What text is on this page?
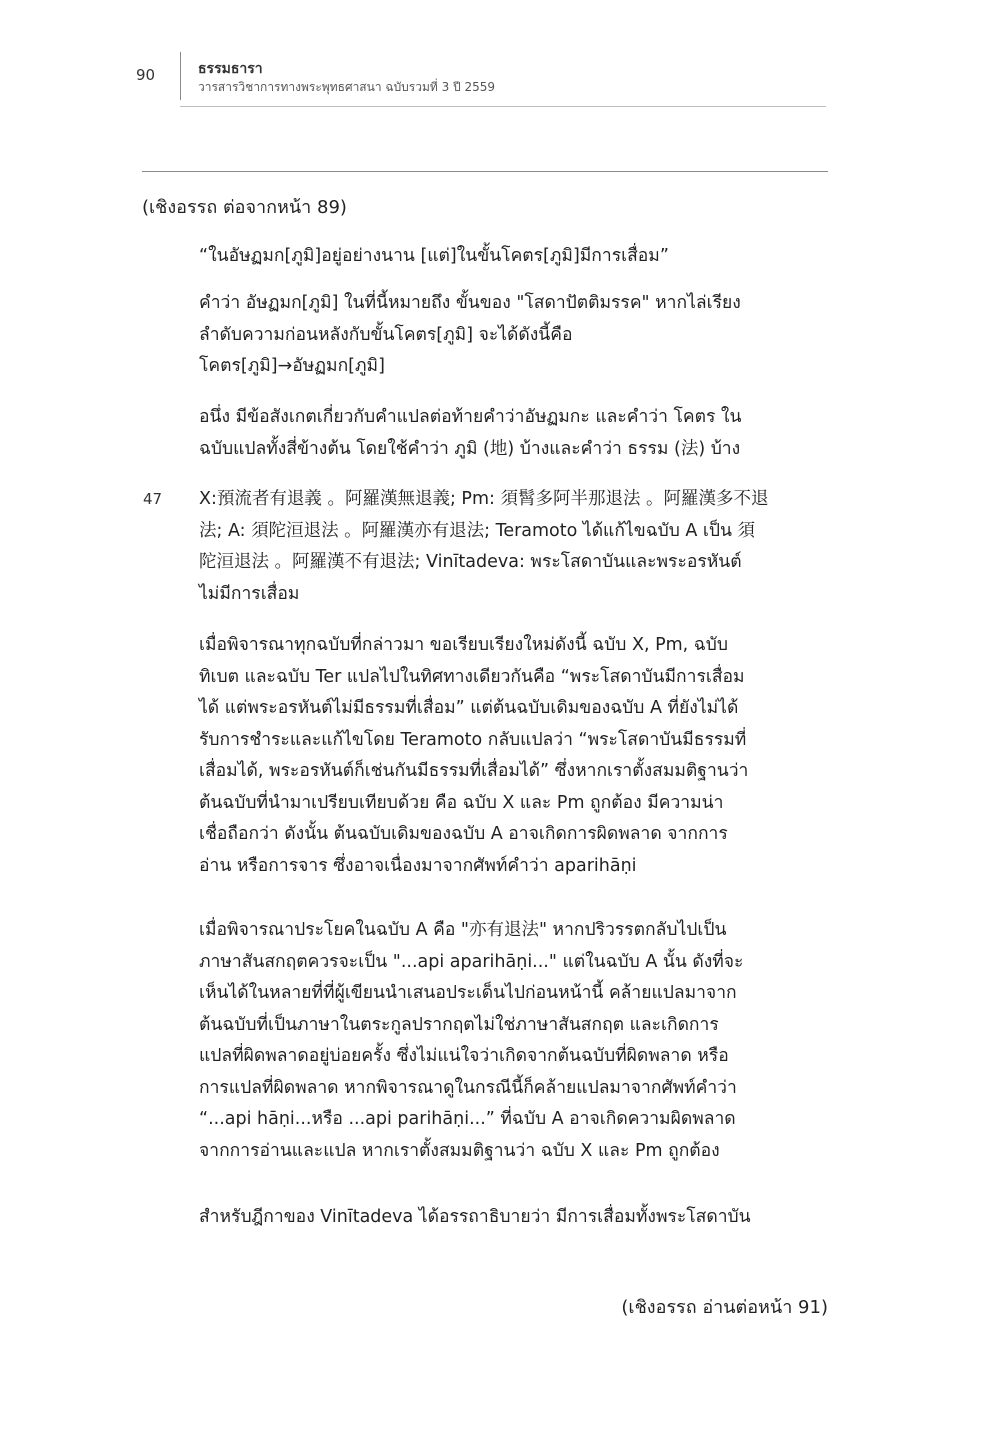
90	ธรรมธารา
วารสารวิชาการทางพระพุทธศาสนา ฉบับรวมที่ 3 ปี 2559
(เชิงอรรถ ต่อจากหน้า 89)
“ในอัษฏมก[ภูมิ]อยู่อย่างนาน [แต่]ในขั้นโคตร[ภูมิ]มีการเสื่อม”
คำว่า อัษฏมก[ภูมิ] ในที่นี้หมายถึง ขั้นของ "โสดาปัตติมรรค" หากไล่เรียง
ลำดับความก่อนหลังกับขั้นโคตร[ภูมิ] จะได้ดังนี้คือ
โคตร[ภูมิ]→อัษฏมก[ภูมิ]
อนึ่ง มีข้อสังเกตเกี่ยวกับคำแปลต่อท้ายคำว่าอัษฏมกะ และคำว่า โคตร ใน
ฉบับแปลทั้งสี่ข้างต้น โดยใช้คำว่า ภูมิ (地) บ้างและคำว่า ธรรม (法) บ้าง
47 X:預流者有退義 。阿羅漢無退義; Pm: 須髾多阿半那退法 。阿羅漢多不退
法; A: 須陀洹退法 。阿羅漢亦有退法; Teramoto ได้แก้ไขฉบับ A เป็น 須
陀洹退法 。阿羅漢不有退法; Vinītadeva: พระโสดาบันและพระอรหันต์
ไม่มีการเสื่อม
เมื่อพิจารณาทุกฉบับที่กล่าวมา ขอเรียบเรียงใหม่ดังนี้ ฉบับ X, Pm, ฉบับ
ทิเบต และฉบับ Ter แปลไปในทิศทางเดียวกันคือ “พระโสดาบันมีการเสื่อม
ได้ แต่พระอรหันต์ไม่มีธรรมที่เสื่อม” แต่ต้นฉบับเดิมของฉบับ A ที่ยังไม่ได้
รับการชำระและแก้ไขโดย Teramoto กลับแปลว่า “พระโสดาบันมีธรรมที่
เสื่อมได้, พระอรหันต์ก็เช่นกันมีธรรมที่เสื่อมได้” ซึ่งหากเราตั้งสมมติฐานว่า
ต้นฉบับที่นำมาเปรียบเทียบด้วย คือ ฉบับ X และ Pm ถูกต้อง มีความน่า
เชื่อถือกว่า ดังนั้น ต้นฉบับเดิมของฉบับ A อาจเกิดการผิดพลาด จากการ
อ่าน หรือการจาร ซึ่งอาจเนื่องมาจากศัพท์คำว่า aparihāṇi
เมื่อพิจารณาประโยคในฉบับ A คือ "亦有退法" หากปริวรรตกลับไปเป็น
ภาษาสันสกฤตควรจะเป็น "...api aparihāṇi..." แต่ในฉบับ A นั้น ดังที่จะ
เห็นได้ในหลายที่ที่ผู้เขียนนำเสนอประเด็นไปก่อนหน้านี้ คล้ายแปลมาจาก
ต้นฉบับที่เป็นภาษาในตระกูลปรากฤตไม่ใช่ภาษาสันสกฤต และเกิดการ
แปลที่ผิดพลาดอยู่บ่อยครั้ง ซึ่งไม่แน่ใจว่าเกิดจากต้นฉบับที่ผิดพลาด หรือ
การแปลที่ผิดพลาด หากพิจารณาดูในกรณีนี้ก็คล้ายแปลมาจากศัพท์คำว่า
“...api hāṇi...หรือ ...api parihāṇi...” ที่ฉบับ A อาจเกิดความผิดพลาด
จากการอ่านและแปล หากเราตั้งสมมติฐานว่า ฉบับ X และ Pm ถูกต้อง
สำหรับฎีกาของ Vinītadeva ได้อรรถาธิบายว่า มีการเสื่อมทั้งพระโสดาบัน
(เชิงอรรถ อ่านต่อหน้า 91)
